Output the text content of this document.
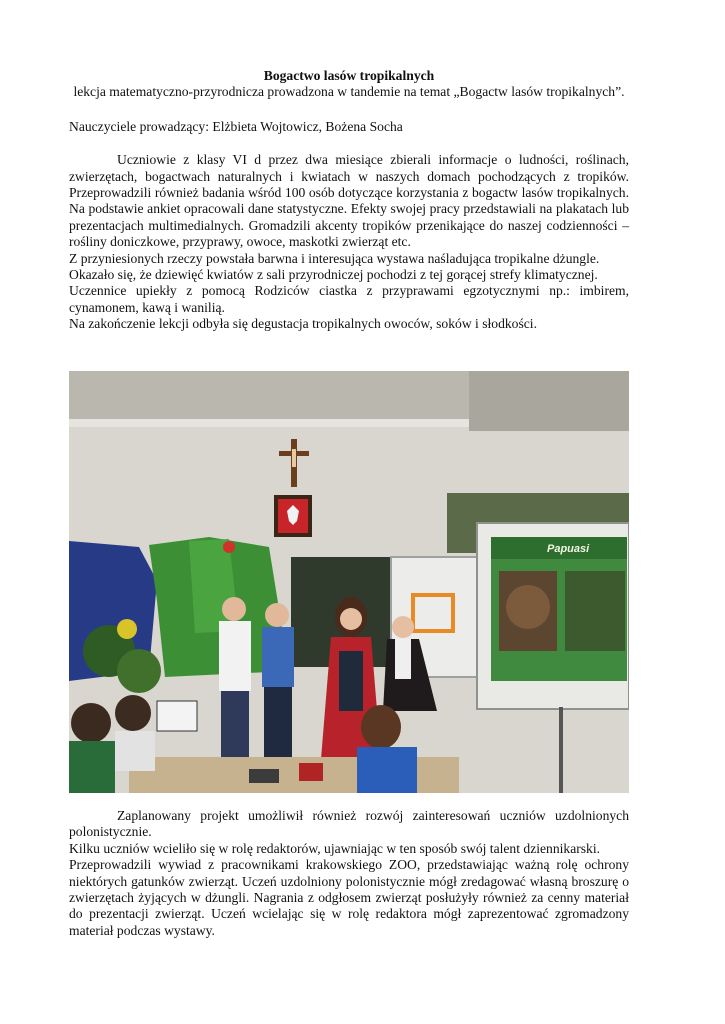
Bogactwo lasów tropikalnych

lekcja matematyczno-przyrodnicza prowadzona w tandemie na temat „Bogactw lasów tropikalnych”.

Nauczyciele prowadzący: Elżbieta Wojtowicz, Bożena Socha

Uczniowie z klasy VI d przez dwa miesiące zbierali informacje o ludności, roślinach, zwierzętach, bogactwach naturalnych i kwiatach w naszych domach pochodzących z tropików. Przeprowadzili również badania wśród 100 osób dotyczące korzystania z bogactw lasów tropikalnych. Na podstawie ankiet opracowali dane statystyczne. Efekty swojej pracy przedstawiali na plakatach lub prezentacjach multimedialnych. Gromadzili akcenty tropików przenikające do naszej codzienności – rośliny doniczkowe, przyprawy, owoce, maskotki zwierząt etc.

Z przyniesionych rzeczy powstała barwna i interesująca wystawa naśladująca tropikalne dżungle.

Okazało się, że dziewięć kwiatów z sali przyrodniczej pochodzi z tej gorącej strefy klimatycznej.

Uczennice upiekły z pomocą Rodziców ciastka z przyprawami egzotycznymi np.: imbirem, cynamonem, kawą i wanilią.

Na zakończenie lekcji odbyła się degustacja tropikalnych owoców, soków i słodkości.

Papuasi

Zaplanowany projekt umożliwił również rozwój zainteresowań uczniów uzdolnionych polonistycznie.

Kilku uczniów wcieliło się w rolę redaktorów, ujawniając w ten sposób swój talent dziennikarski.

Przeprowadzili wywiad z pracownikami krakowskiego ZOO, przedstawiając ważną rolę ochrony niektórych gatunków zwierząt. Uczeń uzdolniony polonistycznie mógł zredagować własną broszurę o zwierzętach żyjących w dżungli. Nagrania z odgłosem zwierząt posłużyły również za cenny materiał do prezentacji zwierząt. Uczeń wcielając się w rolę redaktora mógł zaprezentować zgromadzony materiał podczas wystawy.
